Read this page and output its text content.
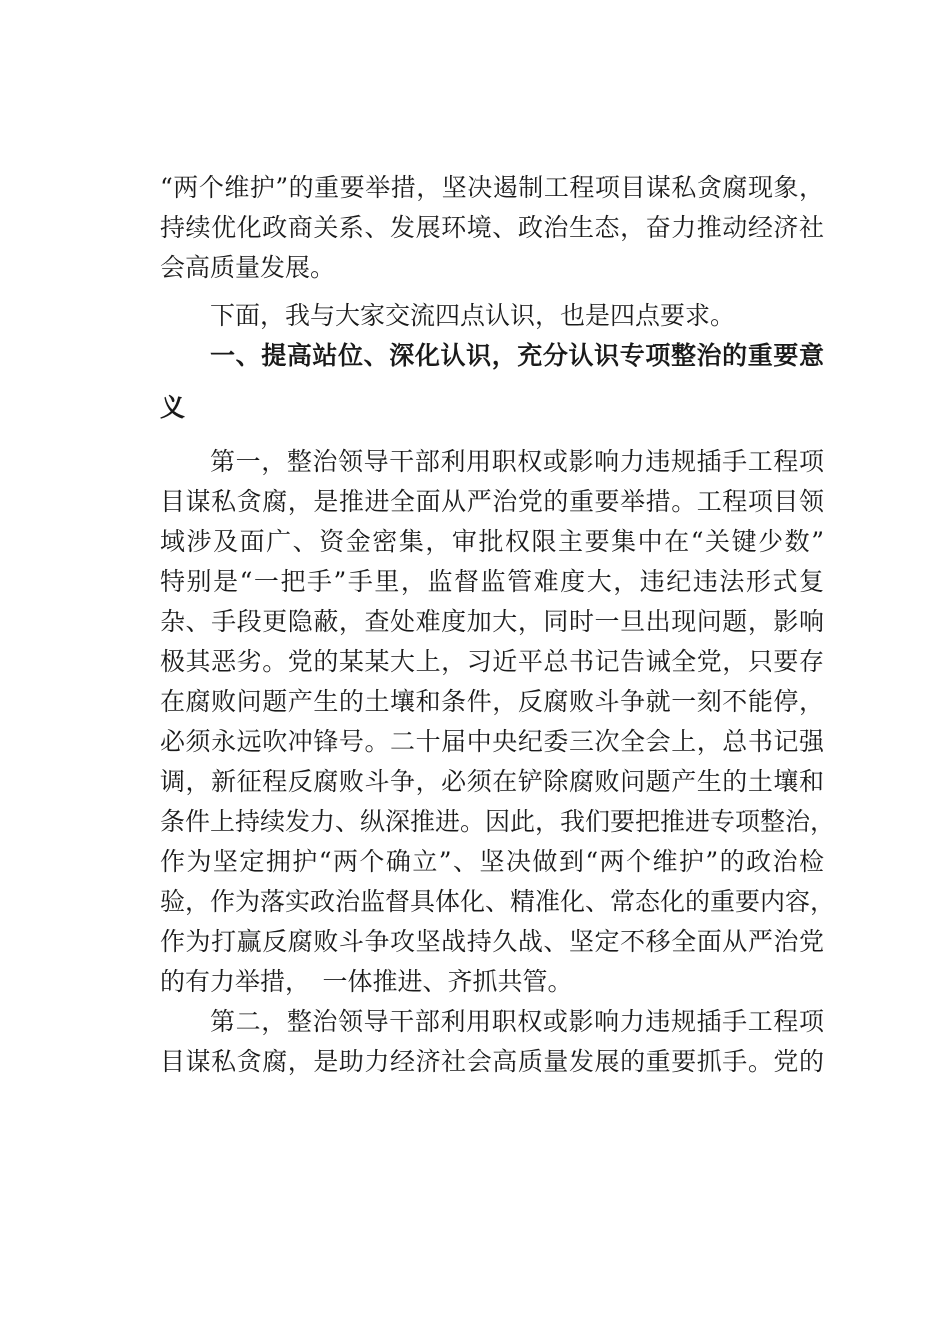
“两个维护”的重要举措，坚决遏制工程项目谋私贪腐现象，
持续优化政商关系、发展环境、政治生态，奋力推动经济社
会高质量发展。
下面，我与大家交流四点认识，也是四点要求。
一、提高站位、深化认识，充分认识专项整治的重要意
义
第一，整治领导干部利用职权或影响力违规插手工程项
目谋私贪腐，是推进全面从严治党的重要举措。工程项目领
域涉及面广、资金密集，审批权限主要集中在“关键少数”
特别是“一把手”手里，监督监管难度大，违纪违法形式复
杂、手段更隐蔽，查处难度加大，同时一旦出现问题，影响
极其恶劣。党的某某大上，习近平总书记告诫全党，只要存
在腐败问题产生的土壤和条件，反腐败斗争就一刻不能停，
必须永远吹冲锋号。二十届中央纪委三次全会上，总书记强
调，新征程反腐败斗争，必须在铲除腐败问题产生的土壤和
条件上持续发力、纵深推进。因此，我们要把推进专项整治，
作为坚定拥护“两个确立”、坚决做到“两个维护”的政治检
验，作为落实政治监督具体化、精准化、常态化的重要内容，
作为打赢反腐败斗争攻坚战持久战、坚定不移全面从严治党
的有力举措，　一体推进、齐抓共管。
第二，整治领导干部利用职权或影响力违规插手工程项
目谋私贪腐，是助力经济社会高质量发展的重要抓手。党的
